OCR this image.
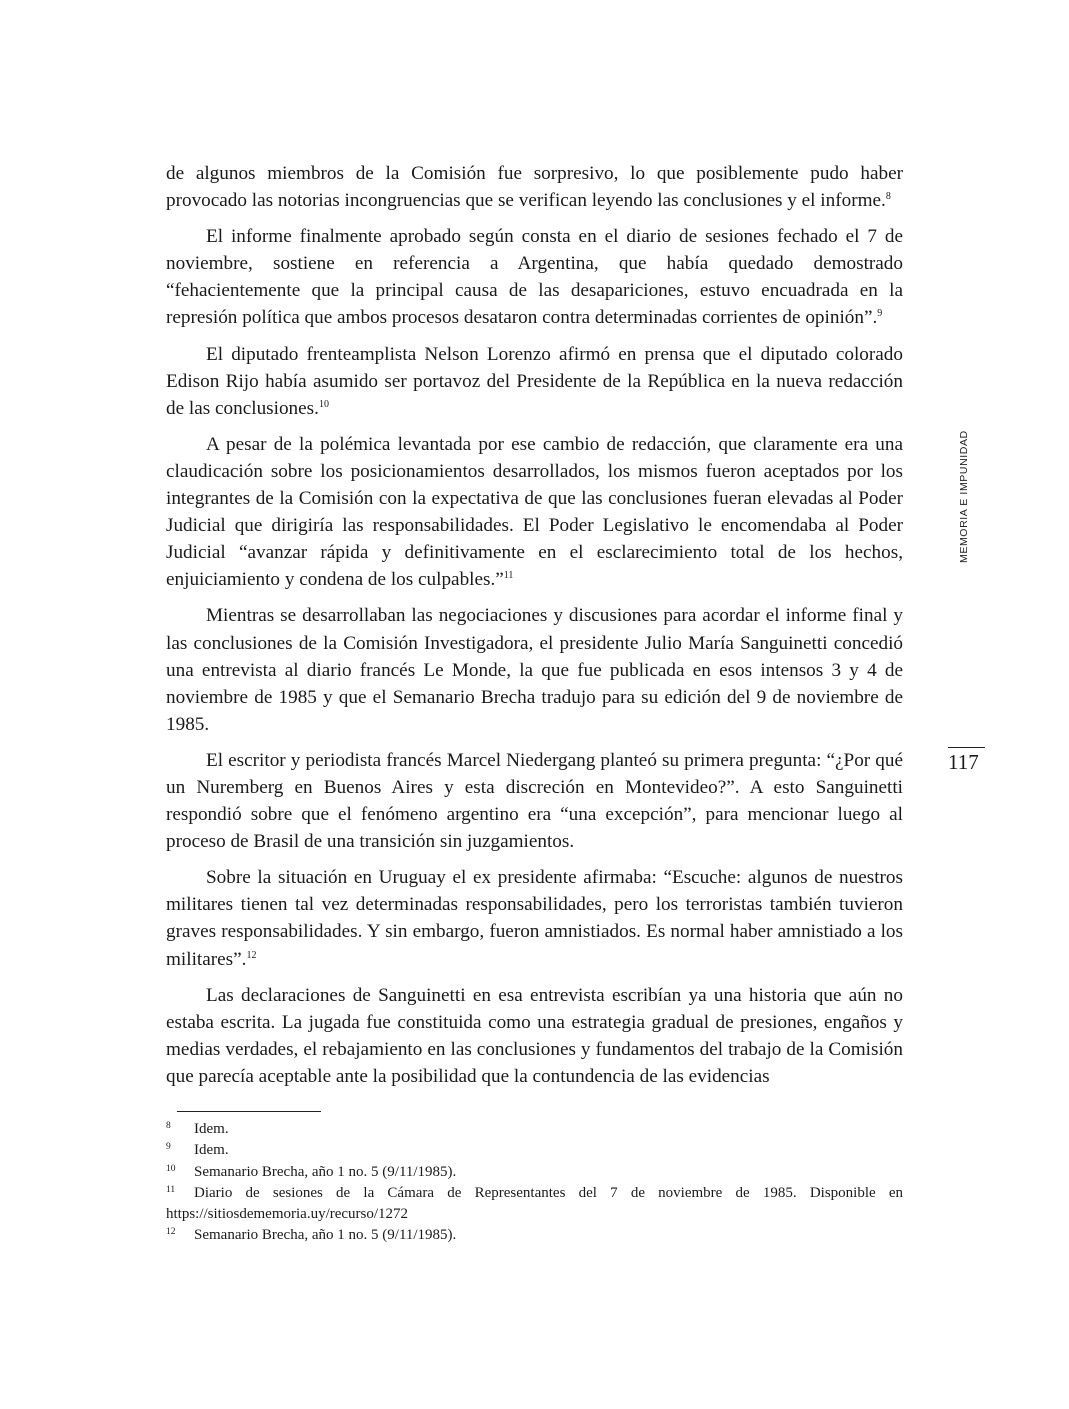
de algunos miembros de la Comisión fue sorpresivo, lo que posiblemente pudo haber provocado las notorias incongruencias que se verifican leyendo las conclusiones y el informe.$^8$

El informe finalmente aprobado según consta en el diario de sesiones fechado el 7 de noviembre, sostiene en referencia a Argentina, que había quedado demostrado “fehacientemente que la principal causa de las desapariciones, estuvo encuadrada en la represión política que ambos procesos desataron contra determinadas corrientes de opinión”.$^9$

El diputado frenteamplista Nelson Lorenzo afirmó en prensa que el diputado colorado Edison Rijo había asumido ser portavoz del Presidente de la República en la nueva redacción de las conclusiones.$^{10}$

A pesar de la polémica levantada por ese cambio de redacción, que claramente era una claudicación sobre los posicionamientos desarrollados, los mismos fueron aceptados por los integrantes de la Comisión con la expectativa de que las conclusiones fueran elevadas al Poder Judicial que dirigiría las responsabilidades. El Poder Legislativo le encomendaba al Poder Judicial “avanzar rápida y definitivamente en el esclarecimiento total de los hechos, enjuiciamiento y condena de los culpables.”$^{11}$

Mientras se desarrollaban las negociaciones y discusiones para acordar el informe final y las conclusiones de la Comisión Investigadora, el presidente Julio María Sanguinetti concedió una entrevista al diario francés Le Monde, la que fue publicada en esos intensos 3 y 4 de noviembre de 1985 y que el Semanario Brecha tradujo para su edición del 9 de noviembre de 1985.

El escritor y periodista francés Marcel Niedergang planteó su primera pregunta: “¿Por qué un Nuremberg en Buenos Aires y esta discreción en Montevideo?”. A esto Sanguinetti respondió sobre que el fenómeno argentino era “una excepción”, para mencionar luego al proceso de Brasil de una transición sin juzgamientos.

Sobre la situación en Uruguay el ex presidente afirmaba: “Escuche: algunos de nuestros militares tienen tal vez determinadas responsabilidades, pero los terroristas también tuvieron graves responsabilidades. Y sin embargo, fueron amnistiados. Es normal haber amnistiado a los militares”.$^{12}$

Las declaraciones de Sanguinetti en esa entrevista escribían ya una historia que aún no estaba escrita. La jugada fue constituida como una estrategia gradual de presiones, engaños y medias verdades, el rebajamiento en las conclusiones y fundamentos del trabajo de la Comisión que parecía aceptable ante la posibilidad que la contundencia de las evidencias

MEMORIA E IMPUNIDAD
117
8 Idem.
9 Idem.
10 Semanario Brecha, año 1 no. 5 (9/11/1985).
11 Diario de sesiones de la Cámara de Representantes del 7 de noviembre de 1985. Disponible en https://sitiosdememoria.uy/recurso/1272
12 Semanario Brecha, año 1 no. 5 (9/11/1985).
